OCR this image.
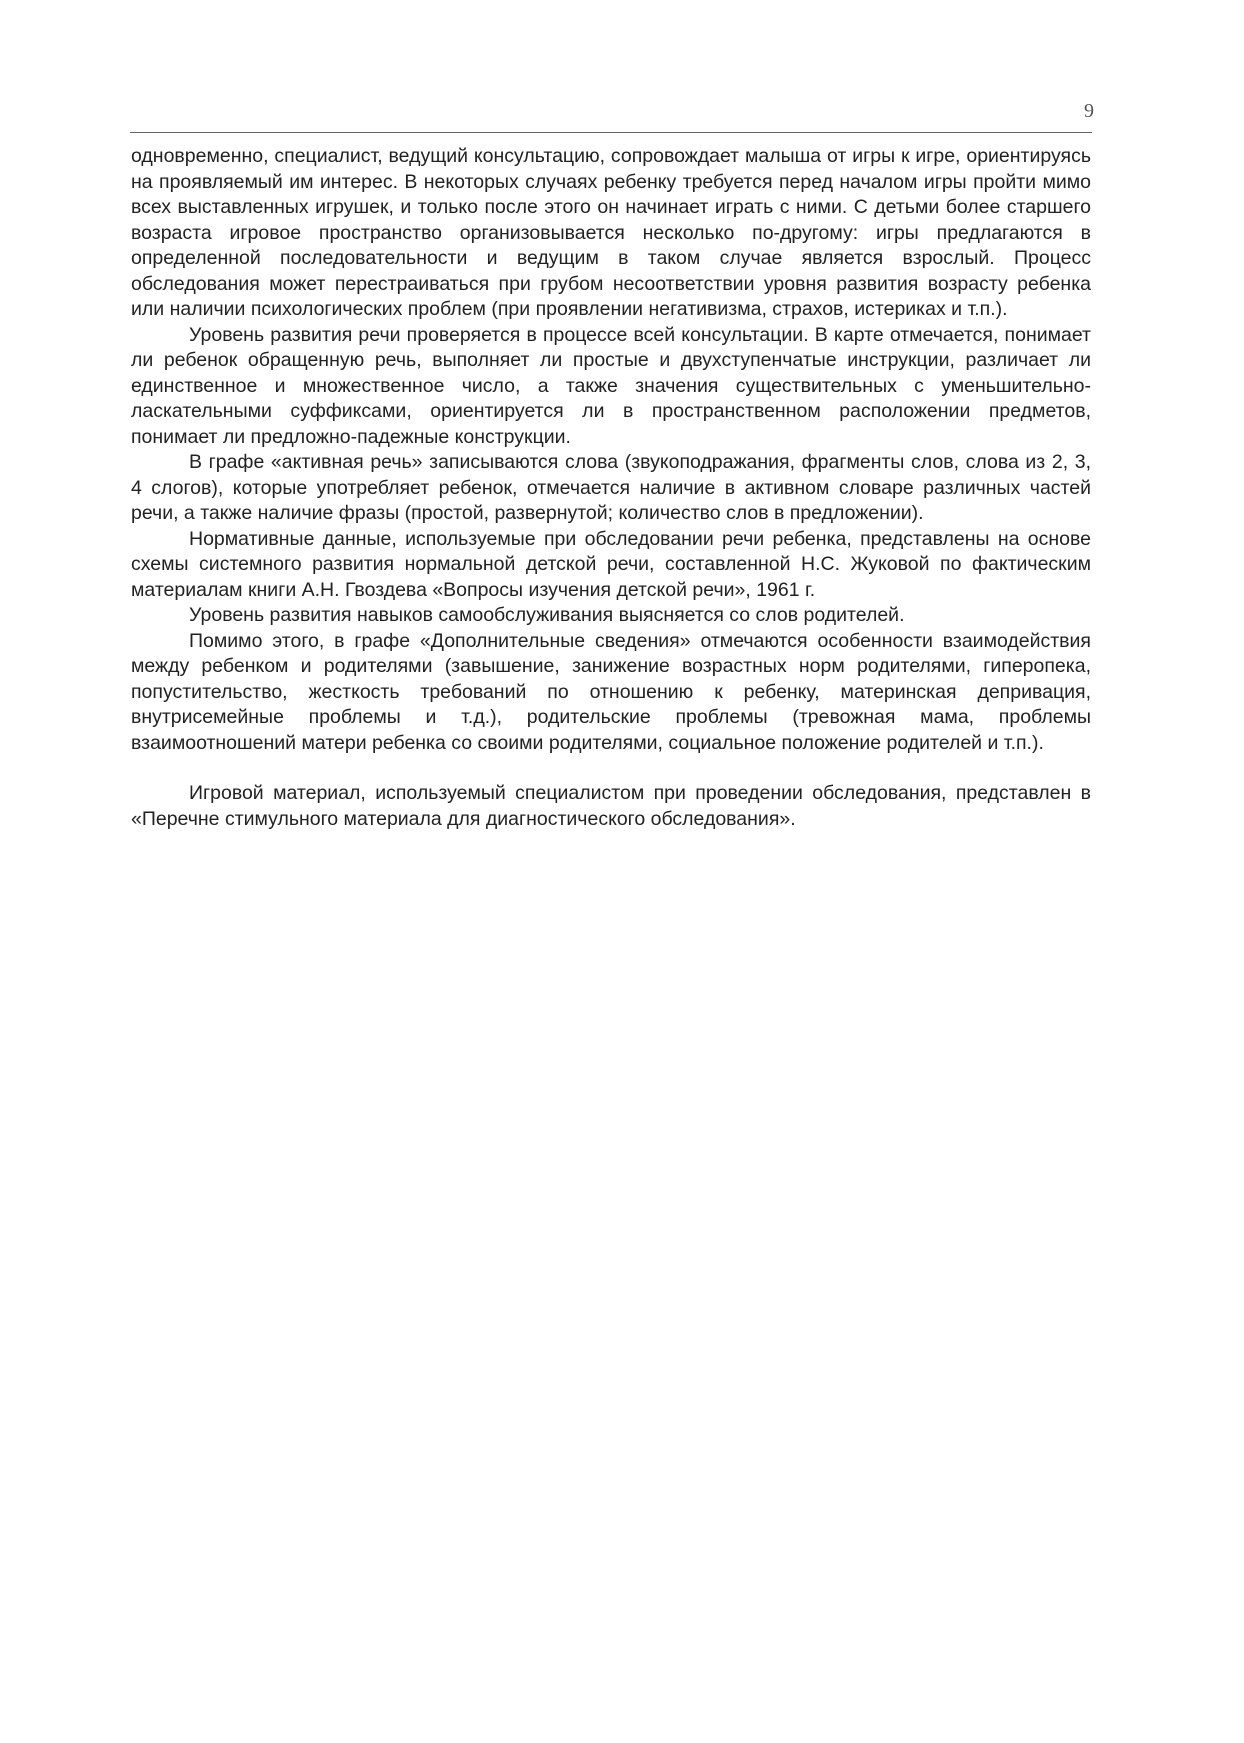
9

одновременно, специалист, ведущий консультацию, сопровождает малыша от игры к игре, ориентируясь на проявляемый им интерес. В некоторых случаях ребенку требуется перед началом игры пройти мимо всех выставленных игрушек, и только после этого он начинает играть с ними. С детьми более старшего возраста игровое пространство организовывается несколько по-другому: игры предлагаются в определенной последовательности и ведущим в таком случае является взрослый. Процесс обследования может перестраиваться при грубом несоответствии уровня развития возрасту ребенка или наличии психологических проблем (при проявлении негативизма, страхов, истериках и т.п.).

Уровень развития речи проверяется в процессе всей консультации. В карте отмечается, понимает ли ребенок обращенную речь, выполняет ли простые и двухступенчатые инструкции, различает ли единственное и множественное число, а также значения существительных с уменьшительно-ласкательными суффиксами, ориентируется ли в пространственном расположении предметов, понимает ли предложно-падежные конструкции.

В графе «активная речь» записываются слова (звукоподражания, фрагменты слов, слова из 2, 3, 4 слогов), которые употребляет ребенок, отмечается наличие в активном словаре различных частей речи, а также наличие фразы (простой, развернутой; количество слов в предложении).

Нормативные данные, используемые при обследовании речи ребенка, представлены на основе схемы системного развития нормальной детской речи, составленной Н.С. Жуковой по фактическим материалам книги А.Н. Гвоздева «Вопросы изучения детской речи», 1961 г.

Уровень развития навыков самообслуживания выясняется со слов родителей.

Помимо этого, в графе «Дополнительные сведения» отмечаются особенности взаимодействия между ребенком и родителями (завышение, занижение возрастных норм родителями, гиперопека, попустительство, жесткость требований по отношению к ребенку, материнская депривация, внутрисемейные проблемы и т.д.), родительские проблемы (тревожная мама, проблемы взаимоотношений матери ребенка со своими родителями, социальное положение родителей и т.п.).

Игровой материал, используемый специалистом при проведении обследования, представлен в «Перечне стимульного материала для диагностического обследования».
